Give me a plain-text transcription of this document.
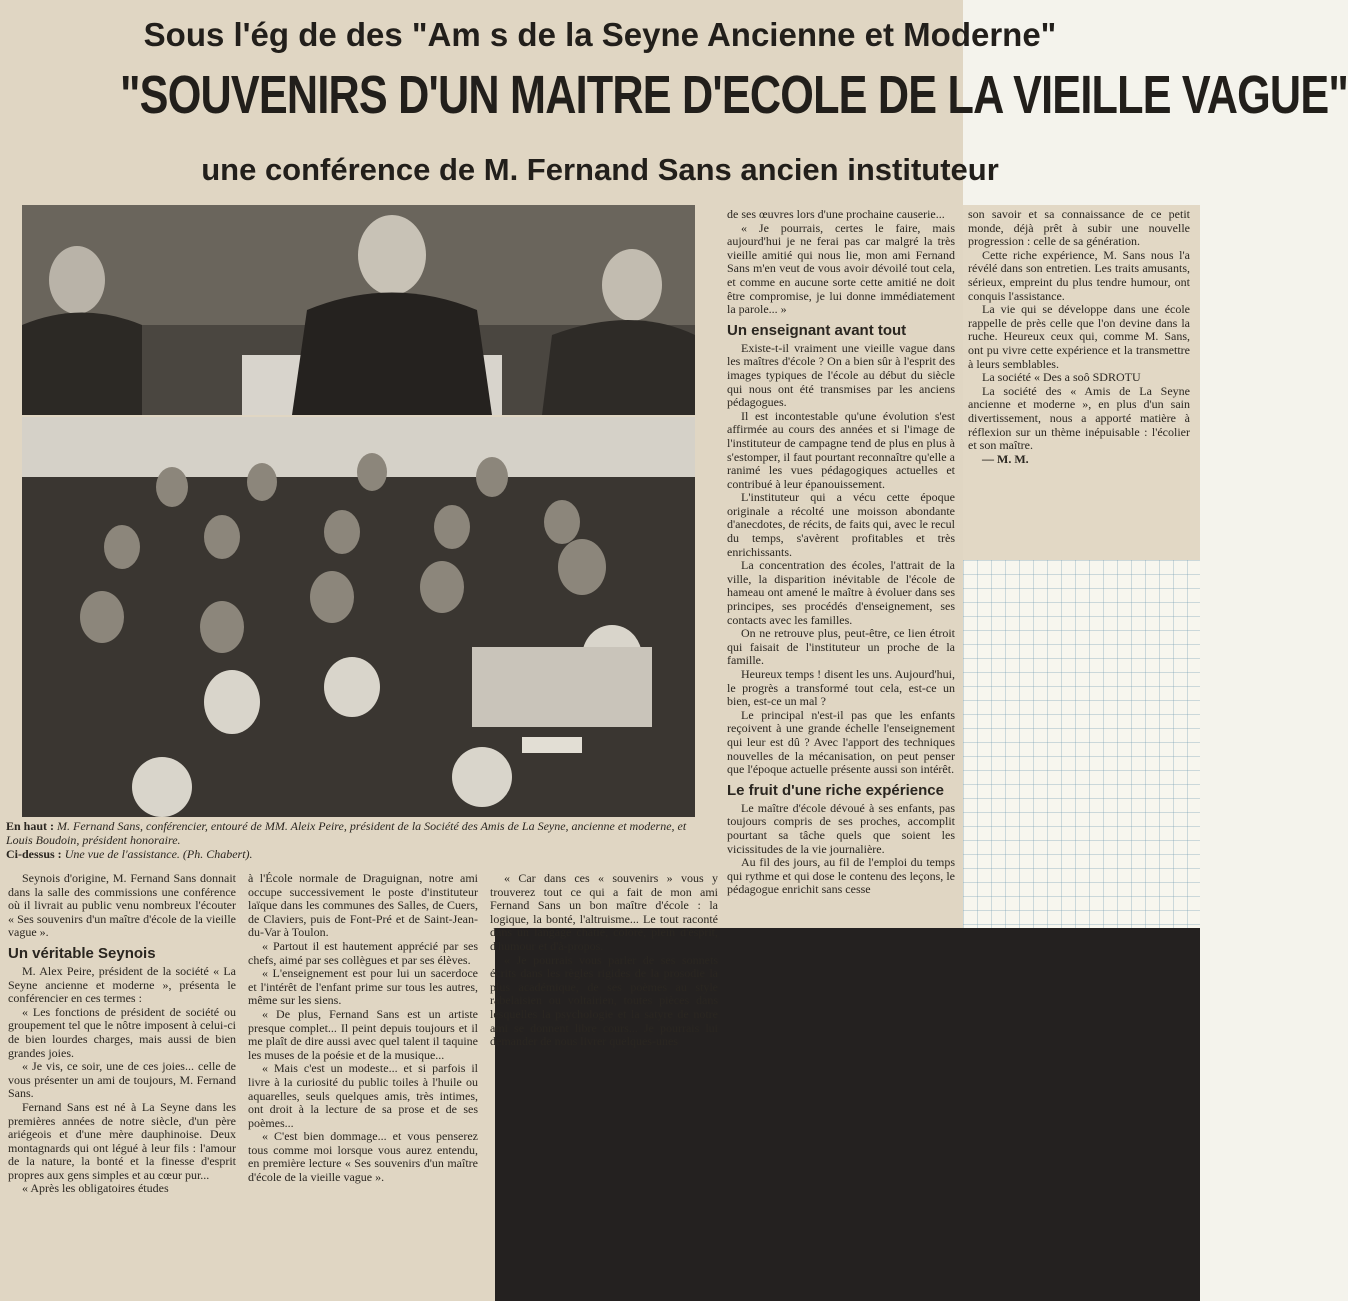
Sous l'ég de des "Am s de la Seyne Ancienne et Moderne"
"SOUVENIRS D'UN MAITRE D'ECOLE DE LA VIEILLE VAGUE"
une conférence de M. Fernand Sans ancien instituteur

En haut : M. Fernand Sans, conférencier, entouré de MM. Aleix Peire, président de la Société des Amis de La Seyne, ancienne et moderne, et Louis Boudoin, président honoraire.
Ci-dessus : Une vue de l'assistance. (Ph. Chabert).

de ses œuvres lors d'une prochaine causerie...

« Je pourrais, certes le faire, mais aujourd'hui je ne ferai pas car malgré la très vieille amitié qui nous lie, mon ami Fernand Sans m'en veut de vous avoir dévoilé tout cela, et comme en aucune sorte cette amitié ne doit être compromise, je lui donne immédiatement la parole... »

Un enseignant avant tout

Existe-t-il vraiment une vieille vague dans les maîtres d'école ? On a bien sûr à l'esprit des images typiques de l'école au début du siècle qui nous ont été transmises par les anciens pédagogues.

Il est incontestable qu'une évolution s'est affirmée au cours des années et si l'image de l'instituteur de campagne tend de plus en plus à s'estomper, il faut pourtant reconnaître qu'elle a ranimé les vues pédagogiques actuelles et contribué à leur épanouissement.

L'instituteur qui a vécu cette époque originale a récolté une moisson abondante d'anecdotes, de récits, de faits qui, avec le recul du temps, s'avèrent profitables et très enrichissants.

La concentration des écoles, l'attrait de la ville, la disparition inévitable de l'école de hameau ont amené le maître à évoluer dans ses principes, ses procédés d'enseignement, ses contacts avec les familles.

On ne retrouve plus, peut-être, ce lien étroit qui faisait de l'instituteur un proche de la famille.

Heureux temps ! disent les uns. Aujourd'hui, le progrès a transformé tout cela, est-ce un bien, est-ce un mal ?

Le principal n'est-il pas que les enfants reçoivent à une grande échelle l'enseignement qui leur est dû ? Avec l'apport des techniques nouvelles de la mécanisation, on peut penser que l'époque actuelle présente aussi son intérêt.

Le fruit d'une riche expérience

Le maître d'école dévoué à ses enfants, pas toujours compris de ses proches, accomplit pourtant sa tâche quels que soient les vicissitudes de la vie journalière.

Au fil des jours, au fil de l'emploi du temps qui rythme et qui dose le contenu des leçons, le pédagogue enrichit sans cesse

son savoir et sa connaissance de ce petit monde, déjà prêt à subir une nouvelle progression : celle de sa génération.

Cette riche expérience, M. Sans nous l'a révélé dans son entretien. Les traits amusants, sérieux, empreint du plus tendre humour, ont conquis l'assistance.

La vie qui se développe dans une école rappelle de près celle que l'on devine dans la ruche. Heureux ceux qui, comme M. Sans, ont pu vivre cette expérience et la transmettre à leurs semblables.

La société « Des a soô SDROTU

La société des « Amis de La Seyne ancienne et moderne », en plus d'un sain divertissement, nous a apporté matière à réflexion sur un thème inépuisable : l'écolier et son maître.

— M. M.

Seynois d'origine, M. Fernand Sans donnait dans la salle des commissions une conférence où il livrait au public venu nombreux l'écouter « Ses souvenirs d'un maître d'école de la vieille vague ».

Un véritable Seynois

M. Alex Peire, président de la société « La Seyne ancienne et moderne », présenta le conférencier en ces termes :

« Les fonctions de président de société ou groupement tel que le nôtre imposent à celui-ci de bien lourdes charges, mais aussi de bien grandes joies.

« Je vis, ce soir, une de ces joies... celle de vous présenter un ami de toujours, M. Fernand Sans.

Fernand Sans est né à La Seyne dans les premières années de notre siècle, d'un père ariégeois et d'une mère dauphinoise. Deux montagnards qui ont légué à leur fils : l'amour de la nature, la bonté et la finesse d'esprit propres aux gens simples et au cœur pur...

« Après les obligatoires études

à l'École normale de Draguignan, notre ami occupe successivement le poste d'instituteur laïque dans les communes des Salles, de Cuers, de Claviers, puis de Font-Pré et de Saint-Jean-du-Var à Toulon.

« Partout il est hautement apprécié par ses chefs, aimé par ses collègues et par ses élèves.

« L'enseignement est pour lui un sacerdoce et l'intérêt de l'enfant prime sur tous les autres, même sur les siens.

« De plus, Fernand Sans est un artiste presque complet... Il peint depuis toujours et il me plaît de dire aussi avec quel talent il taquine les muses de la poésie et de la musique...

« Mais c'est un modeste... et si parfois il livre à la curiosité du public toiles à l'huile ou aquarelles, seuls quelques amis, très intimes, ont droit à la lecture de sa prose et de ses poèmes...

« C'est bien dommage... et vous penserez tous comme moi lorsque vous aurez entendu, en première lecture « Ses souvenirs d'un maître d'école de la vieille vague ».

« Car dans ces « souvenirs » vous y trouverez tout ce qui a fait de mon ami Fernand Sans un bon maître d'école : la logique, la bonté, l'altruisme... Le tout raconté dans un langage châtié, coloré, plein d'esprit, d'humour et d'à-propos.

« Je pourrais vous parler de ses sonnets écrits dans les règles rigides de la prosodie la plus académique, de ses poèmes au style rabelaisien ou voltairien, toutes pièces dans lesquelles la psychologie et la satyre de notre ami se donnent libre cours... Je pourrais lui demander de nous livrer quelques-unes
